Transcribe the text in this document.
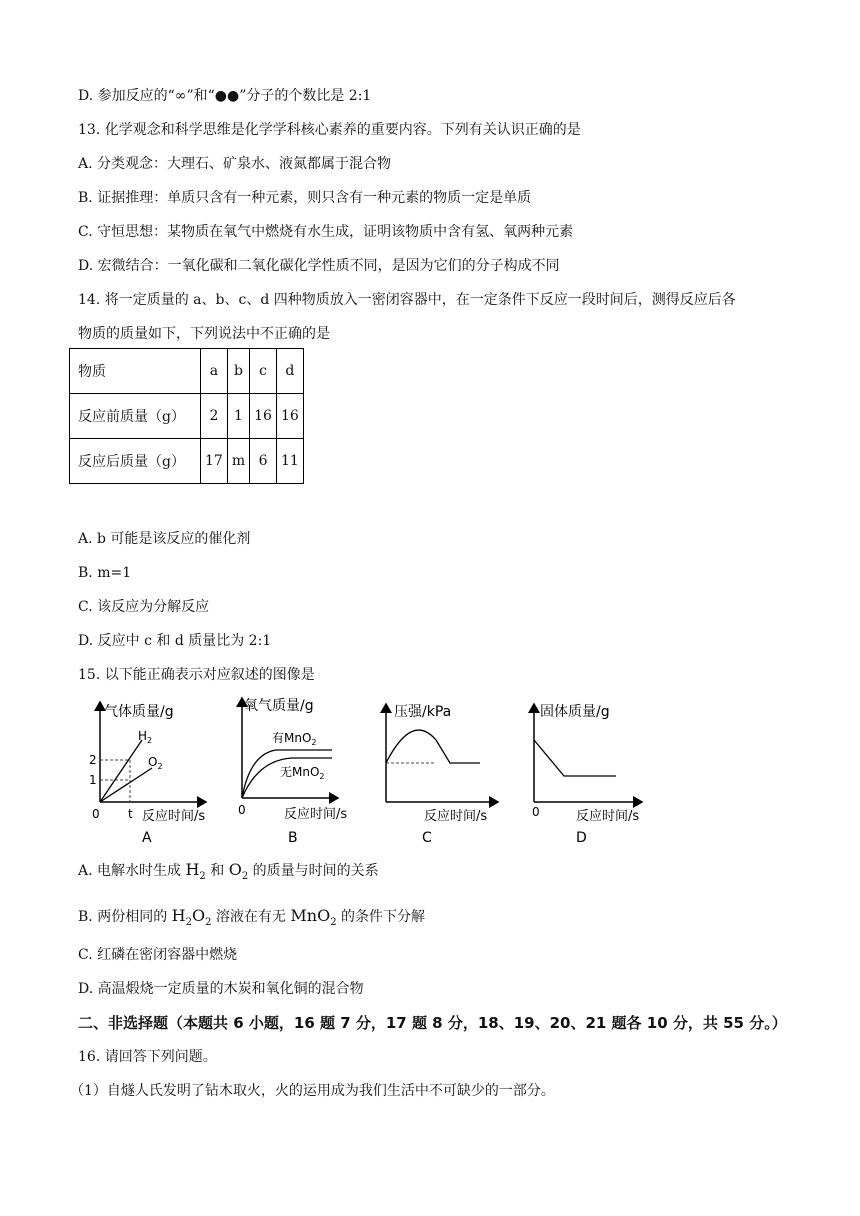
D. 参加反应的“∞”和“●●”分子的个数比是 2:1
13. 化学观念和科学思维是化学学科核心素养的重要内容。下列有关认识正确的是
A. 分类观念：大理石、矿泉水、液氮都属于混合物
B. 证据推理：单质只含有一种元素，则只含有一种元素的物质一定是单质
C. 守恒思想：某物质在氧气中燃烧有水生成，证明该物质中含有氢、氧两种元素
D. 宏微结合：一氧化碳和二氧化碳化学性质不同，是因为它们的分子构成不同
14. 将一定质量的 a、b、c、d 四种物质放入一密闭容器中，在一定条件下反应一段时间后，测得反应后各
物质的质量如下，下列说法中不正确的是
物质	a	b	c	d
反应前质量（g）	2	1	16	16
反应后质量（g）	17	m	6	11
A. b 可能是该反应的催化剂
B. m=1
C. 该反应为分解反应
D. 反应中 c 和 d 质量比为 2:1
15. 以下能正确表示对应叙述的图像是
气体质量/g
反应时间/s
0 t
2
1
$H_2$
$O_2$
A
氧气质量/g
反应时间/s
0
有MnO$_2$
无MnO$_2$
B
压强/kPa
反应时间/s
C
固体质量/g
反应时间/s
0
D
A. 电解水时生成 $H_2$ 和 $O_2$ 的质量与时间的关系
B. 两份相同的 $H_2O_2$ 溶液在有无 MnO$_2$ 的条件下分解
C. 红磷在密闭容器中燃烧
D. 高温煅烧一定质量的木炭和氧化铜的混合物
二、非选择题（本题共 6 小题，16 题 7 分，17 题 8 分，18、19、20、21 题各 10 分，共 55 分。）
16. 请回答下列问题。
（1）自燧人氏发明了钻木取火，火的运用成为我们生活中不可缺少的一部分。
